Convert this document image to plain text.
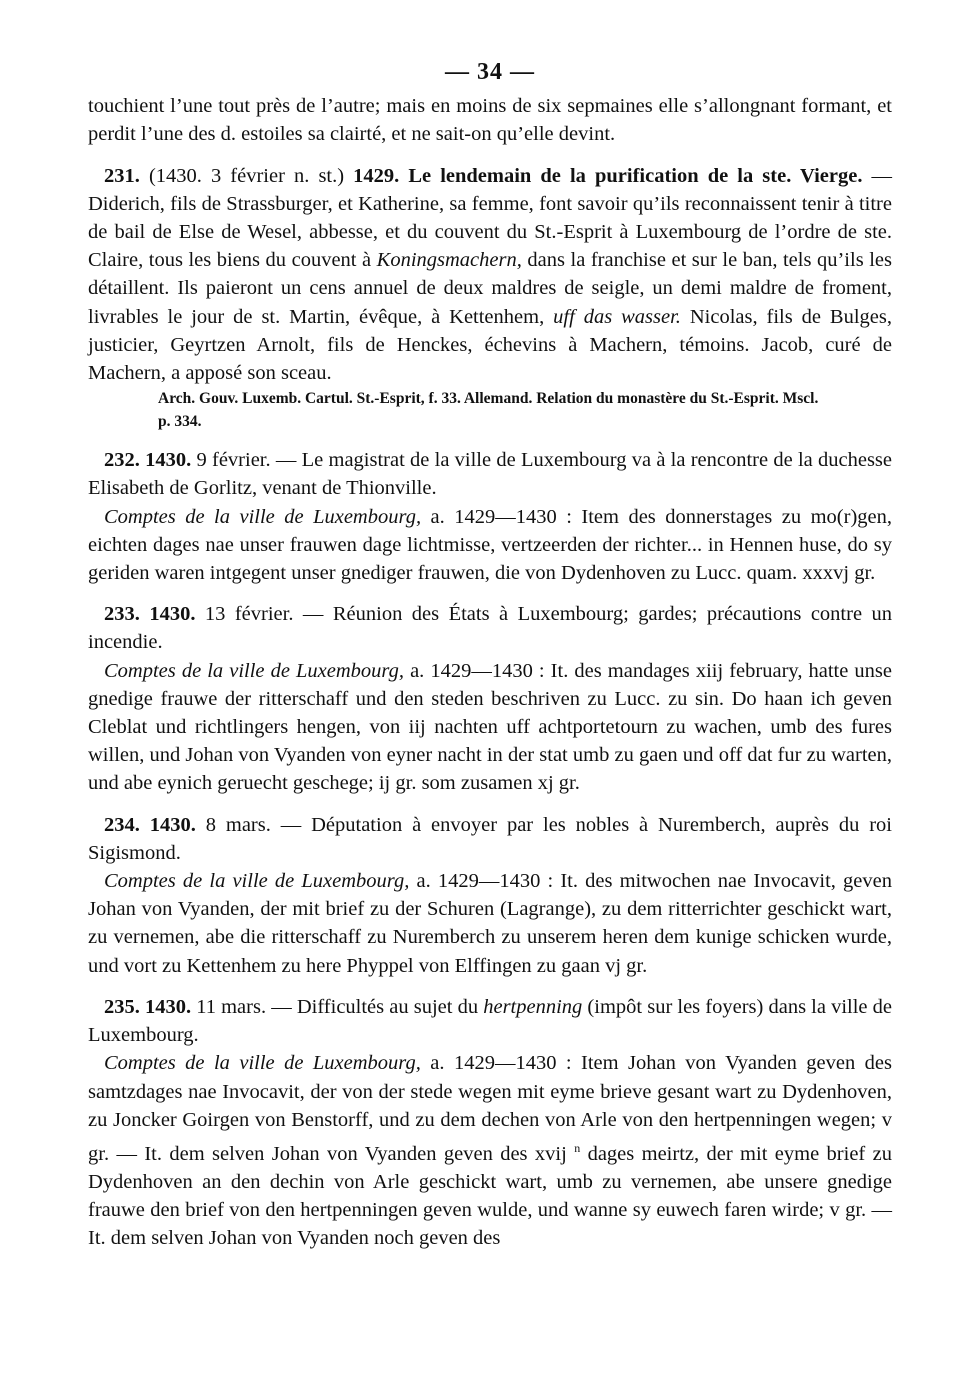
— 34 —

touchient l’une tout près de l’autre; mais en moins de six sepmaines elle s’allongnant formant, et perdit l’une des d. estoiles sa clairté, et ne sait-on qu’elle devint.

231. (1430. 3 février n. st.) 1429. Le lendemain de la purification de la ste. Vierge. — Diderich, fils de Strassburger, et Katherine, sa femme, font savoir qu’ils reconnaissent tenir à titre de bail de Else de Wesel, abbesse, et du couvent du St.-Esprit à Luxembourg de l’ordre de ste. Claire, tous les biens du couvent à Koningsmachern, dans la franchise et sur le ban, tels qu’ils les détaillent. Ils paieront un cens annuel de deux maldres de seigle, un demi maldre de froment, livrables le jour de st. Martin, évêque, à Kettenhem, uff das wasser. Nicolas, fils de Bulges, justicier, Geyrtzen Arnolt, fils de Henckes, échevins à Machern, témoins. Jacob, curé de Machern, a apposé son sceau.

Arch. Gouv. Luxemb. Cartul. St.-Esprit, f. 33. Allemand. Relation du monastère du St.-Esprit. Mscl.

p. 334.

232. 1430. 9 février. — Le magistrat de la ville de Luxembourg va à la rencontre de la duchesse Elisabeth de Gorlitz, venant de Thionville.

Comptes de la ville de Luxembourg, a. 1429—1430 : Item des donnerstages zu mo(r)gen, eichten dages nae unser frauwen dage lichtmisse, vertzeerden der richter... in Hennen huse, do sy geriden waren intgegent unser gnediger frauwen, die von Dydenhoven zu Lucc. quam. xxxvj gr.

233. 1430. 13 février. — Réunion des États à Luxembourg; gardes; précautions contre un incendie.

Comptes de la ville de Luxembourg, a. 1429—1430 : It. des mandages xiij february, hatte unse gnedige frauwe der ritterschaff und den steden beschriven zu Lucc. zu sin. Do haan ich geven Cleblat und richtlingers hengen, von iij nachten uff achtportetourn zu wachen, umb des fures willen, und Johan von Vyanden von eyner nacht in der stat umb zu gaen und off dat fur zu warten, und abe eynich geruecht geschege; ij gr. som zusamen xj gr.

234. 1430. 8 mars. — Députation à envoyer par les nobles à Nuremberch, auprès du roi Sigismond.

Comptes de la ville de Luxembourg, a. 1429—1430 : It. des mitwochen nae Invocavit, geven Johan von Vyanden, der mit brief zu der Schuren (Lagrange), zu dem ritterrichter geschickt wart, zu vernemen, abe die ritterschaff zu Nuremberch zu unserem heren dem kunige schicken wurde, und vort zu Kettenhem zu here Phyppel von Elffingen zu gaan vj gr.

235. 1430. 11 mars. — Difficultés au sujet du hertpenning (impôt sur les foyers) dans la ville de Luxembourg.

Comptes de la ville de Luxembourg, a. 1429—1430 : Item Johan von Vyanden geven des samtzdages nae Invocavit, der von der stede wegen mit eyme brieve gesant wart zu Dydenhoven, zu Joncker Goirgen von Benstorff, und zu dem dechen von Arle von den hertpenningen wegen; v gr. — It. dem selven Johan von Vyanden geven des xvij $^n$ dages meirtz, der mit eyme brief zu Dydenhoven an den dechin von Arle geschickt wart, umb zu vernemen, abe unsere gnedige frauwe den brief von den hertpenningen geven wulde, und wanne sy euwech faren wirde; v gr. — It. dem selven Johan von Vyanden noch geven des
